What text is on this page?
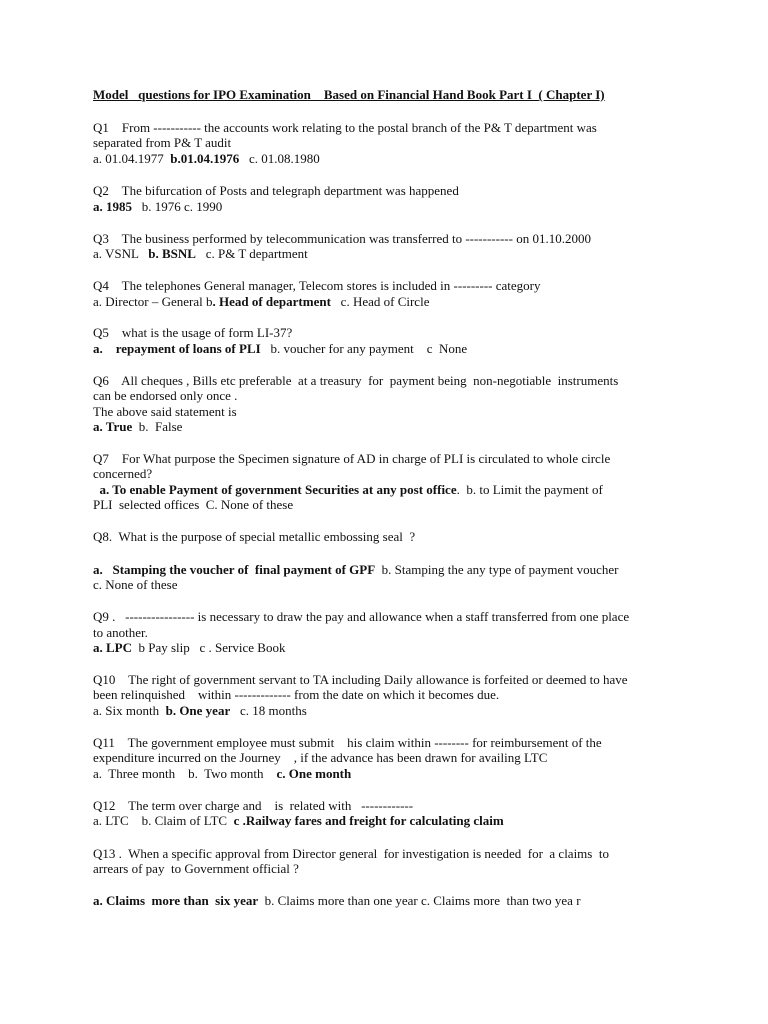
Model   questions for IPO Examination    Based on Financial Hand Book Part I  ( Chapter I)
Q1    From ----------- the accounts work relating to the postal branch of the P& T department was
separated from P& T audit
a. 01.04.1977  b.01.04.1976   c. 01.08.1980
Q2    The bifurcation of Posts and telegraph department was happened
a. 1985   b. 1976 c. 1990
Q3    The business performed by telecommunication was transferred to ----------- on 01.10.2000
a. VSNL   b. BSNL   c. P& T department
Q4    The telephones General manager, Telecom stores is included in --------- category
a. Director – General b. Head of department   c. Head of Circle
Q5    what is the usage of form LI-37?
a.    repayment of loans of PLI   b. voucher for any payment    c  None
Q6    All cheques , Bills etc preferable  at a treasury  for  payment being  non-negotiable  instruments
can be endorsed only once .
The above said statement is
a. True  b.  False
Q7    For What purpose the Specimen signature of AD in charge of PLI is circulated to whole circle
concerned?
a. To enable Payment of government Securities at any post office.  b. to Limit the payment of
PLI  selected offices  C. None of these
Q8.  What is the purpose of special metallic embossing seal  ?
a.   Stamping the voucher of  final payment of GPF  b. Stamping the any type of payment voucher
c. None of these
Q9 .   ---------------- is necessary to draw the pay and allowance when a staff transferred from one place
to another.
a. LPC  b Pay slip   c . Service Book
Q10    The right of government servant to TA including Daily allowance is forfeited or deemed to have
been relinquished    within ------------- from the date on which it becomes due.
a. Six month  b. One year   c. 18 months
Q11    The government employee must submit    his claim within -------- for reimbursement of the
expenditure incurred on the Journey    , if the advance has been drawn for availing LTC
a.  Three month    b.  Two month    c. One month
Q12    The term over charge and    is  related with   ------------
a. LTC    b. Claim of LTC  c .Railway fares and freight for calculating claim
Q13 .  When a specific approval from Director general  for investigation is needed  for  a claims  to
arrears of pay  to Government official ?
a. Claims  more than  six year  b. Claims more than one year c. Claims more  than two yea r
